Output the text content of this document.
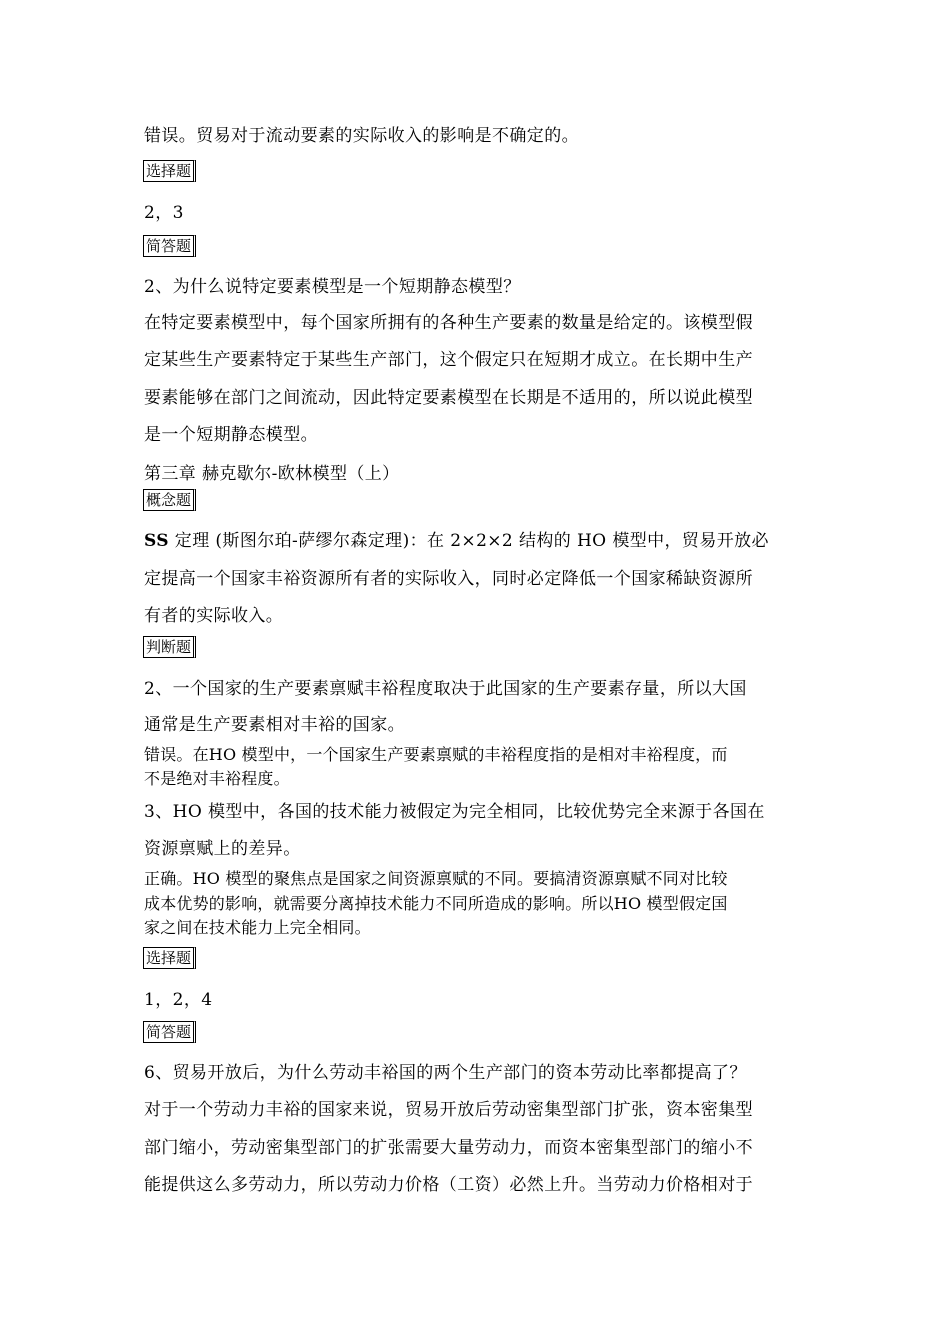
错误。贸易对于流动要素的实际收入的影响是不确定的。
选择题
2，3
简答题
2、为什么说特定要素模型是一个短期静态模型？
在特定要素模型中，每个国家所拥有的各种生产要素的数量是给定的。该模型假
定某些生产要素特定于某些生产部门，这个假定只在短期才成立。在长期中生产
要素能够在部门之间流动，因此特定要素模型在长期是不适用的，所以说此模型
是一个短期静态模型。
第三章 赫克歇尔-欧林模型（上）
概念题
SS 定理 (斯图尔珀-萨缪尔森定理)：在 2×2×2 结构的 HO 模型中，贸易开放必
定提高一个国家丰裕资源所有者的实际收入，同时必定降低一个国家稀缺资源所
有者的实际收入。
判断题
2、一个国家的生产要素禀赋丰裕程度取决于此国家的生产要素存量，所以大国
通常是生产要素相对丰裕的国家。
错误。在HO 模型中，一个国家生产要素禀赋的丰裕程度指的是相对丰裕程度，而
不是绝对丰裕程度。
3、HO 模型中，各国的技术能力被假定为完全相同，比较优势完全来源于各国在
资源禀赋上的差异。
正确。HO 模型的聚焦点是国家之间资源禀赋的不同。要搞清资源禀赋不同对比较
成本优势的影响，就需要分离掉技术能力不同所造成的影响。所以HO 模型假定国
家之间在技术能力上完全相同。
选择题
1，2，4
简答题
6、贸易开放后，为什么劳动丰裕国的两个生产部门的资本劳动比率都提高了？
对于一个劳动力丰裕的国家来说，贸易开放后劳动密集型部门扩张，资本密集型
部门缩小，劳动密集型部门的扩张需要大量劳动力，而资本密集型部门的缩小不
能提供这么多劳动力，所以劳动力价格（工资）必然上升。当劳动力价格相对于
